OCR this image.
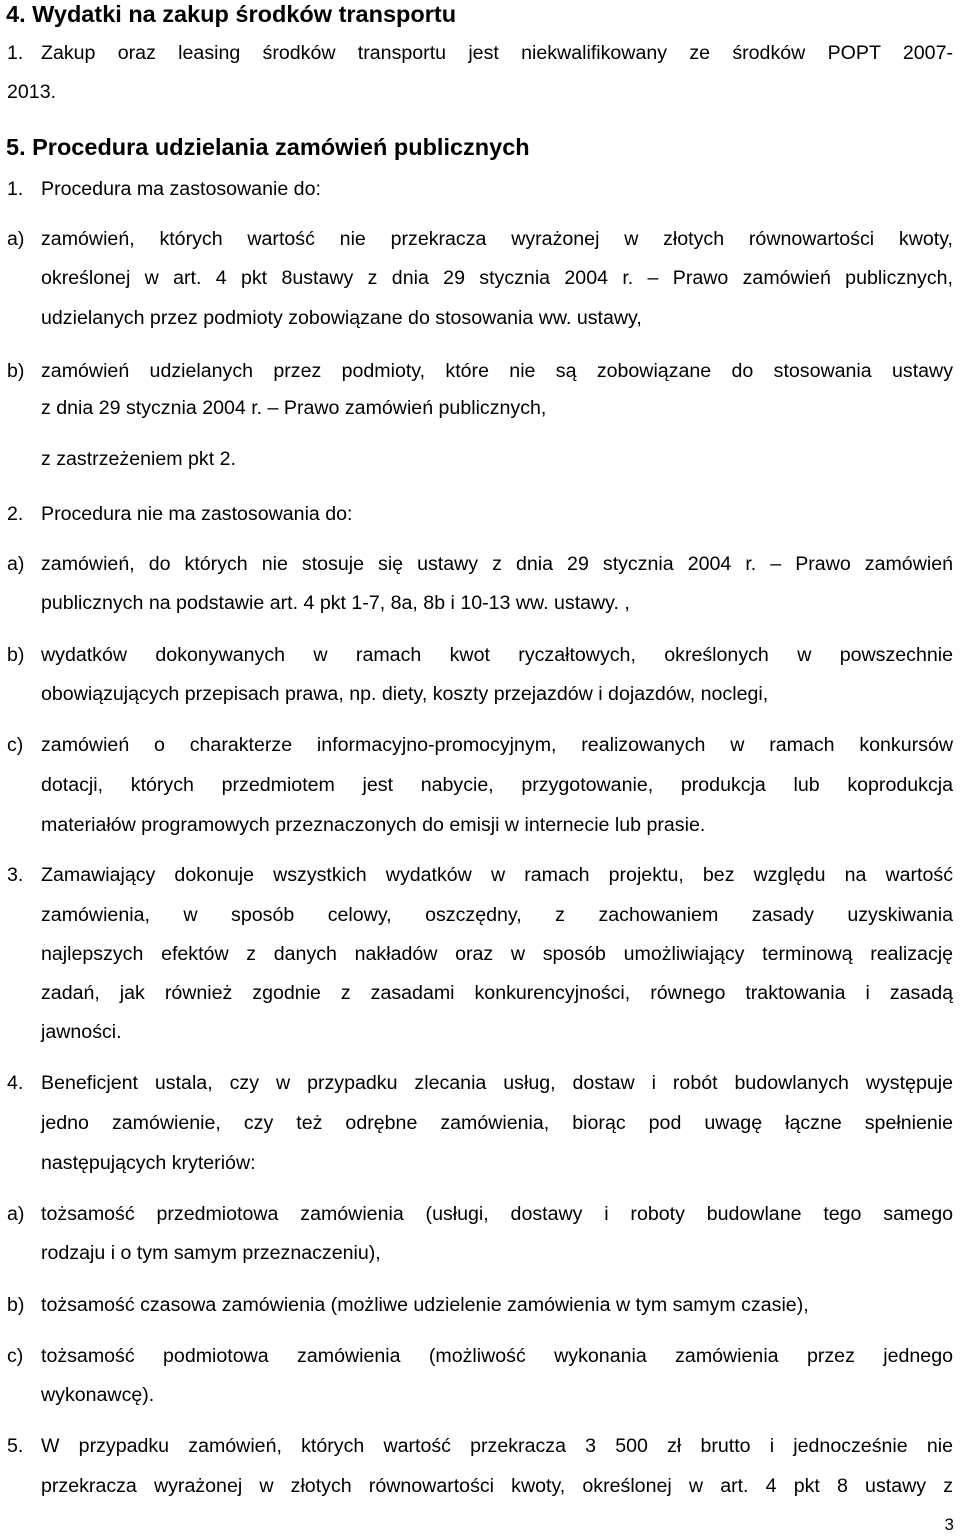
4. Wydatki na zakup środków transportu
1. Zakup oraz leasing środków transportu jest niekwalifikowany ze środków POPT 2007-
2013.
5. Procedura udzielania zamówień publicznych
1. Procedura ma zastosowanie do:
a) zamówień, których wartość nie przekracza wyrażonej w złotych równowartości kwoty,
określonej w art. 4 pkt 8ustawy z dnia 29 stycznia 2004 r. – Prawo zamówień publicznych,
udzielanych przez podmioty zobowiązane do stosowania ww. ustawy,
b) zamówień udzielanych przez podmioty, które nie są zobowiązane do stosowania ustawy
z dnia 29 stycznia 2004 r. – Prawo zamówień publicznych,
z zastrzeżeniem pkt 2.
2. Procedura nie ma zastosowania do:
a) zamówień, do których nie stosuje się ustawy z dnia 29 stycznia 2004 r. – Prawo zamówień
publicznych na podstawie art. 4 pkt 1-7, 8a, 8b i 10-13 ww. ustawy. ,
b) wydatków dokonywanych w ramach kwot ryczałtowych, określonych w powszechnie
obowiązujących przepisach prawa, np. diety, koszty przejazdów i dojazdów, noclegi,
c) zamówień o charakterze informacyjno-promocyjnym, realizowanych w ramach konkursów
dotacji, których przedmiotem jest nabycie, przygotowanie, produkcja lub koprodukcja
materiałów programowych przeznaczonych do emisji w internecie lub prasie.
3. Zamawiający dokonuje wszystkich wydatków w ramach projektu, bez względu na wartość
zamówienia, w sposób celowy, oszczędny, z zachowaniem zasady uzyskiwania
najlepszych efektów z danych nakładów oraz w sposób umożliwiający terminową realizację
zadań, jak również zgodnie z zasadami konkurencyjności, równego traktowania i zasadą
jawności.
4. Beneficjent ustala, czy w przypadku zlecania usług, dostaw i robót budowlanych występuje
jedno zamówienie, czy też odrębne zamówienia, biorąc pod uwagę łączne spełnienie
następujących kryteriów:
a) tożsamość przedmiotowa zamówienia (usługi, dostawy i roboty budowlane tego samego
rodzaju i o tym samym przeznaczeniu),
b) tożsamość czasowa zamówienia (możliwe udzielenie zamówienia w tym samym czasie),
c) tożsamość podmiotowa zamówienia (możliwość wykonania zamówienia przez jednego
wykonawcę).
5. W przypadku zamówień, których wartość przekracza 3 500 zł brutto i jednocześnie nie
przekracza wyrażonej w złotych równowartości kwoty, określonej w art. 4 pkt 8 ustawy z
3
